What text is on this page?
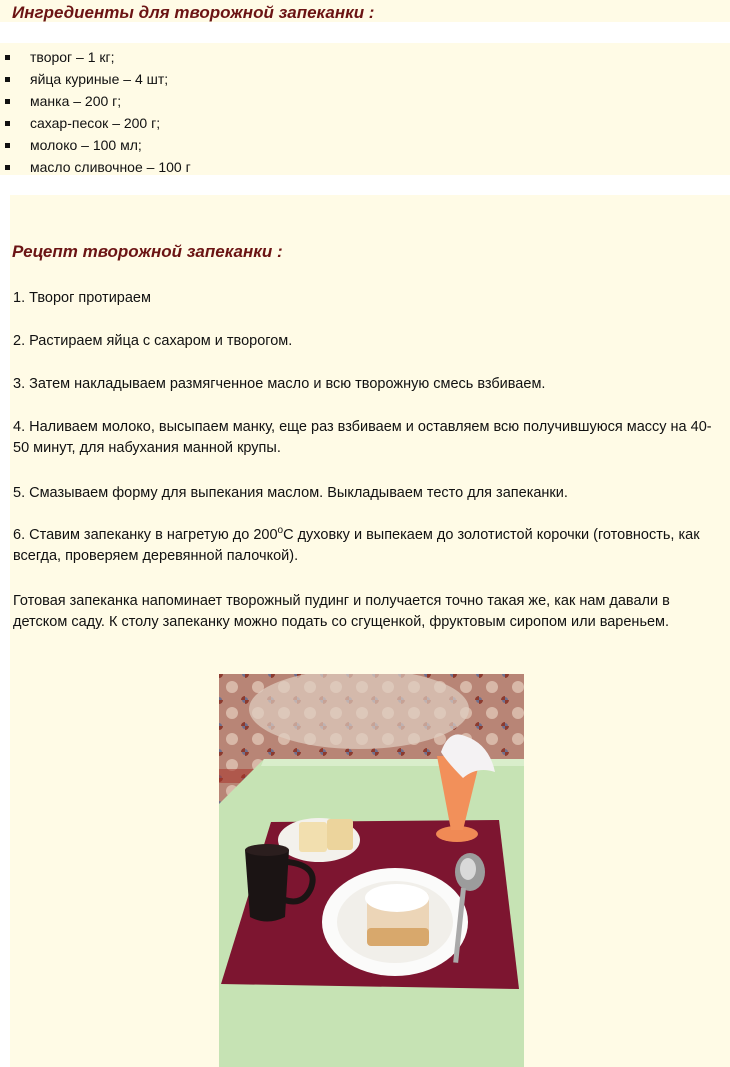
Ингредиенты для творожной запеканки :
творог – 1 кг;
яйца куриные – 4 шт;
манка – 200 г;
сахар-песок – 200 г;
молоко – 100 мл;
масло сливочное – 100 г
Рецепт творожной запеканки :

1. Творог протираем

2. Растираем яйца с сахаром и творогом.

3. Затем накладываем размягченное масло и всю творожную смесь взбиваем.

4. Наливаем молоко, высыпаем манку, еще раз взбиваем и оставляем всю получившуюся массу на 40-50 минут, для набухания манной крупы.

5. Смазываем форму для выпекания маслом. Выкладываем тесто для запеканки.

6. Ставим запеканку в нагретую до 200$^o$С духовку и выпекаем до золотистой корочки (готовность, как всегда, проверяем деревянной палочкой).

Готовая запеканка напоминает творожный пудинг и получается точно такая же, как нам давали в детском саду. К столу запеканку можно подать со сгущенкой, фруктовым сиропом или вареньем.
